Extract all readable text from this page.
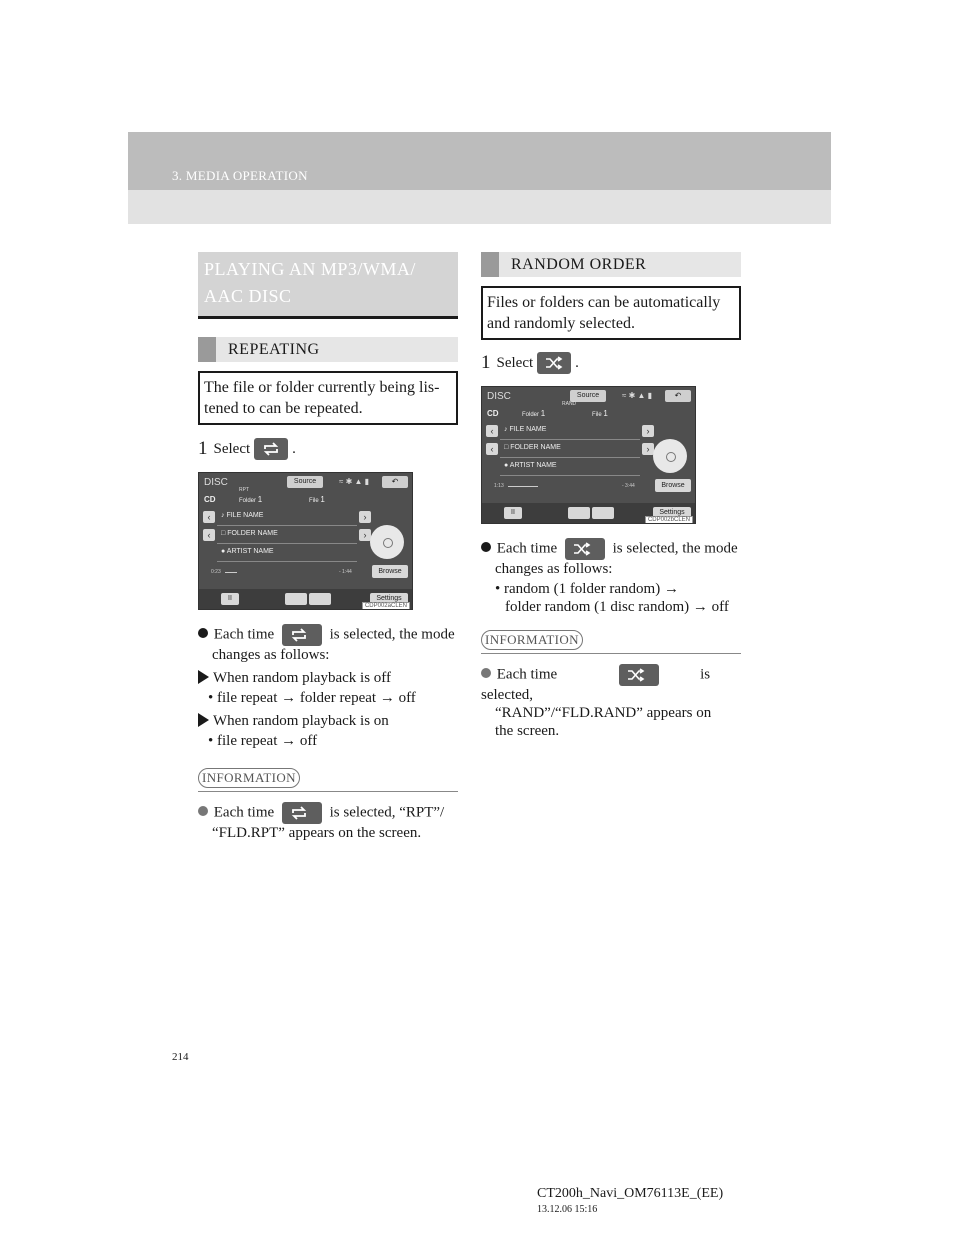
3. MEDIA OPERATION
PLAYING AN MP3/WMA/
AAC DISC
REPEATING
The file or folder currently being lis-
tened to can be repeated.
1 Select	.
DISC	Source	≈ ✱ ▲ ▮	↶
RPT
CD	Folder 1	File 1
‹	♪ FILE NAME	›
‹	□ FOLDER NAME	›
● ARTIST NAME
0:23	- 1:44	Browse
II	Settings
CDP002aCLEN
Each time	is selected, the mode
changes as follows:
When random playback is off
• file repeat → folder repeat → off
When random playback is on
• file repeat → off
INFORMATION
Each time	is selected, “RPT”/
“FLD.RPT” appears on the screen.
RANDOM ORDER
Files or folders can be automatically
and randomly selected.
1 Select	.
DISC	Source	≈ ✱ ▲ ▮	↶
RAND
CD	Folder 1	File 1
‹	♪ FILE NAME	›
‹	□ FOLDER NAME	›
● ARTIST NAME
1:13	- 3:44	Browse
II	Settings
CDP002bCLEN
Each time	is selected, the mode
changes as follows:
• random (1 folder random) →
folder random (1 disc random) → off
INFORMATION
Each time	is selected,
“RAND”/“FLD.RAND” appears on
the screen.
214
CT200h_Navi_OM76113E_(EE)
13.12.06 15:16
